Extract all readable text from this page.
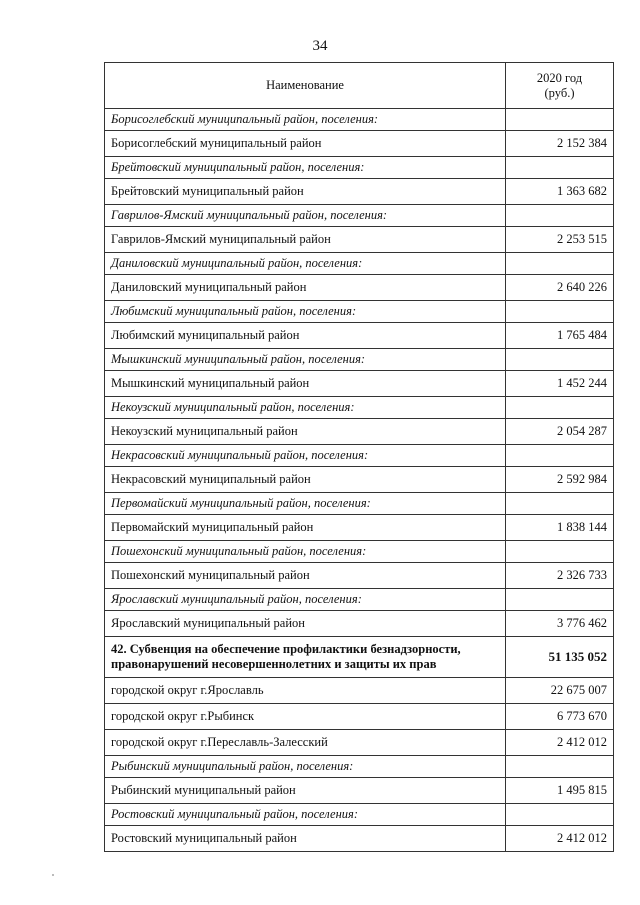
34
Наименование	2020 год
(руб.)
Борисоглебский муниципальный район, поселения:	
Борисоглебский муниципальный район	2 152 384
Брейтовский муниципальный район, поселения:	
Брейтовский муниципальный район	1 363 682
Гаврилов-Ямский муниципальный район, поселения:	
Гаврилов-Ямский муниципальный район	2 253 515
Даниловский муниципальный район, поселения:	
Даниловский муниципальный район	2 640 226
Любимский муниципальный район, поселения:	
Любимский муниципальный район	1 765 484
Мышкинский муниципальный район, поселения:	
Мышкинский муниципальный район	1 452 244
Некоузский муниципальный район, поселения:	
Некоузский муниципальный район	2 054 287
Некрасовский муниципальный район, поселения:	
Некрасовский муниципальный район	2 592 984
Первомайский муниципальный район, поселения:	
Первомайский муниципальный район	1 838 144
Пошехонский муниципальный район, поселения:	
Пошехонский муниципальный район	2 326 733
Ярославский муниципальный район, поселения:	
Ярославский муниципальный район	3 776 462
42. Субвенция на обеспечение профилактики безнадзорности, правонарушений несовершеннолетних и защиты их прав	51 135 052
городской округ г.Ярославль	22 675 007
городской округ г.Рыбинск	6 773 670
городской округ г.Переславль-Залесский	2 412 012
Рыбинский муниципальный район, поселения:	
Рыбинский муниципальный район	1 495 815
Ростовский муниципальный район, поселения:	
Ростовский муниципальный район	2 412 012
